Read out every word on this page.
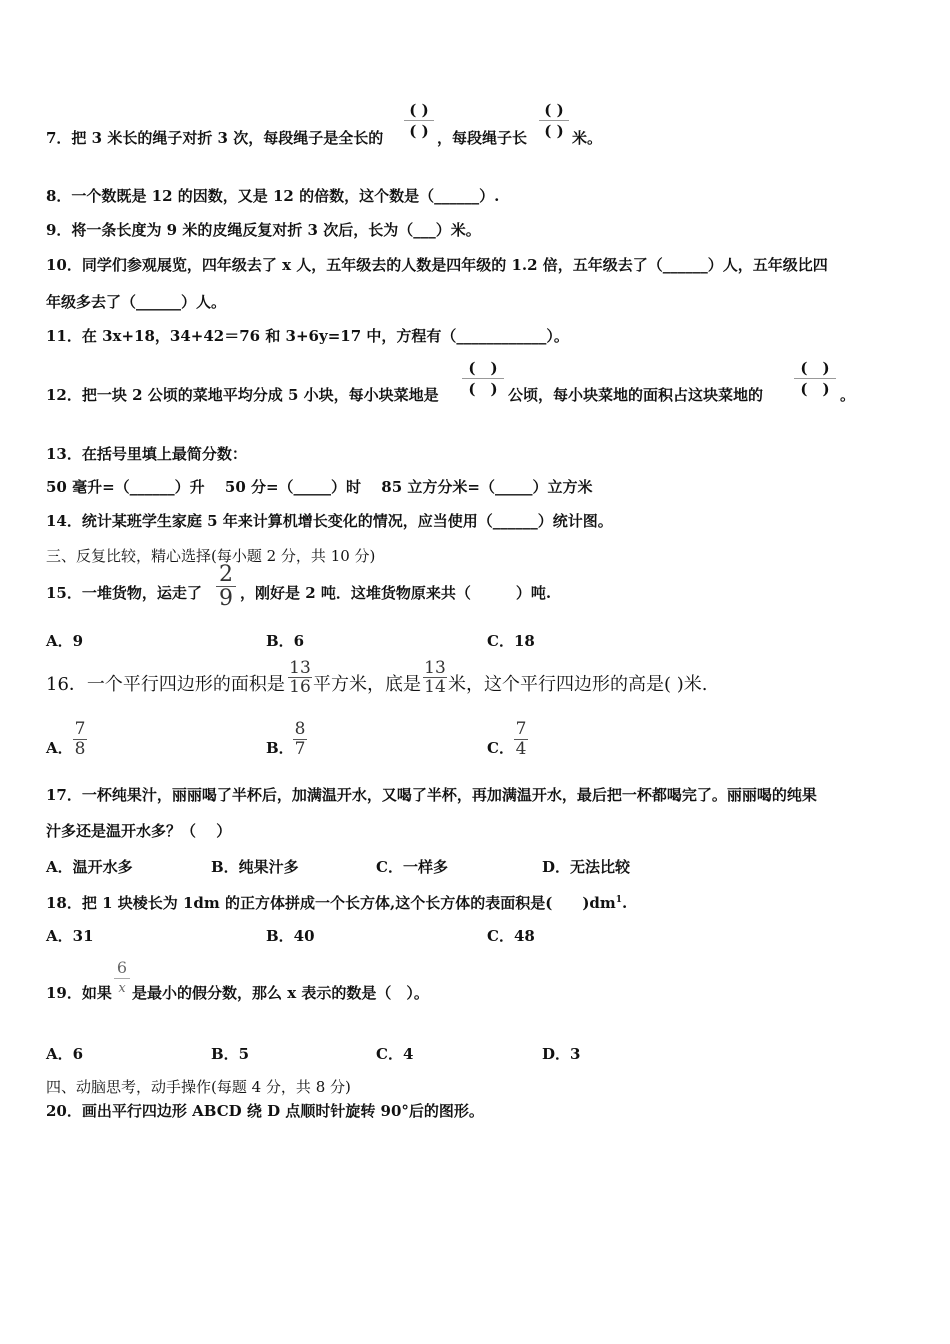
7．把 3 米长的绳子对折 3 次，每段绳子是全长的
( )
( ) ，每段绳子长
( )
( ) 米。
8．一个数既是 12 的因数，又是 12 的倍数，这个数是（______）.
9．将一条长度为 9 米的皮绳反复对折 3 次后，长为（___）米。
10．同学们参观展览，四年级去了 x 人，五年级去的人数是四年级的 1.2 倍，五年级去了（______）人，五年级比四
年级多去了（______）人。
11．在 3x+18，34+42＝76 和 3+6y=17 中，方程有（____________）。
12．把一块 2 公顷的菜地平均分成 5 小块，每小块菜地是
(　)
(　) 公顷，每小块菜地的面积占这块菜地的
(　)
(　) 。
13．在括号里填上最简分数：
50 毫升=（______）升　 50 分=（_____）时　 85 立方分米=（_____）立方米
14．统计某班学生家庭 5 年来计算机增长变化的情况，应当使用（______）统计图。
三、反复比较，精心选择(每小题 2 分，共 10 分)
15．一堆货物，运走了
2
9 ，刚好是 2 吨．这堆货物原来共（　　　）吨.
A．9	B．6	C．18
16．一个平行四边形的面积是
13
16 平方米，底是
13
14 米，这个平行四边形的高是( )米.
A．
7
8	B．
8
7	C．
7
4
17．一杯纯果汁，丽丽喝了半杯后，加满温开水，又喝了半杯，再加满温开水，最后把一杯都喝完了。丽丽喝的纯果
汁多还是温开水多？（　 ）
A．温开水多	B．纯果汁多	C．一样多	D．无法比较
18．把 1 块棱长为 1dm 的正方体拼成一个长方体,这个长方体的表面积是(　　)$dm^1$.
A．31	B．40	C．48
19．如果
6
x 是最小的假分数，那么 x 表示的数是（　）。
A．6	B．5	C．4	D．3
四、动脑思考，动手操作(每题 4 分，共 8 分)
20．画出平行四边形 ABCD 绕 D 点顺时针旋转 90°后的图形。
